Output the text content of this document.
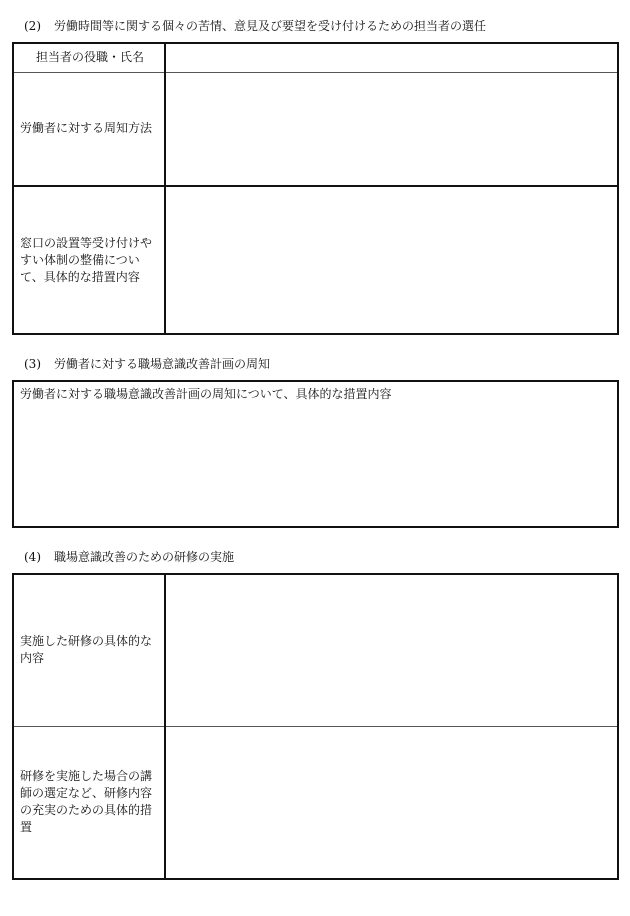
(2) 労働時間等に関する個々の苦情、意見及び要望を受け付けるための担当者の選任
担当者の役職・氏名	
労働者に対する周知方法	
窓口の設置等受け付けやすい体制の整備について、具体的な措置内容	
(3) 労働者に対する職場意識改善計画の周知
労働者に対する職場意識改善計画の周知について、具体的な措置内容
(4) 職場意識改善のための研修の実施
実施した研修の具体的な内容	
研修を実施した場合の講師の選定など、研修内容の充実のための具体的措置	
